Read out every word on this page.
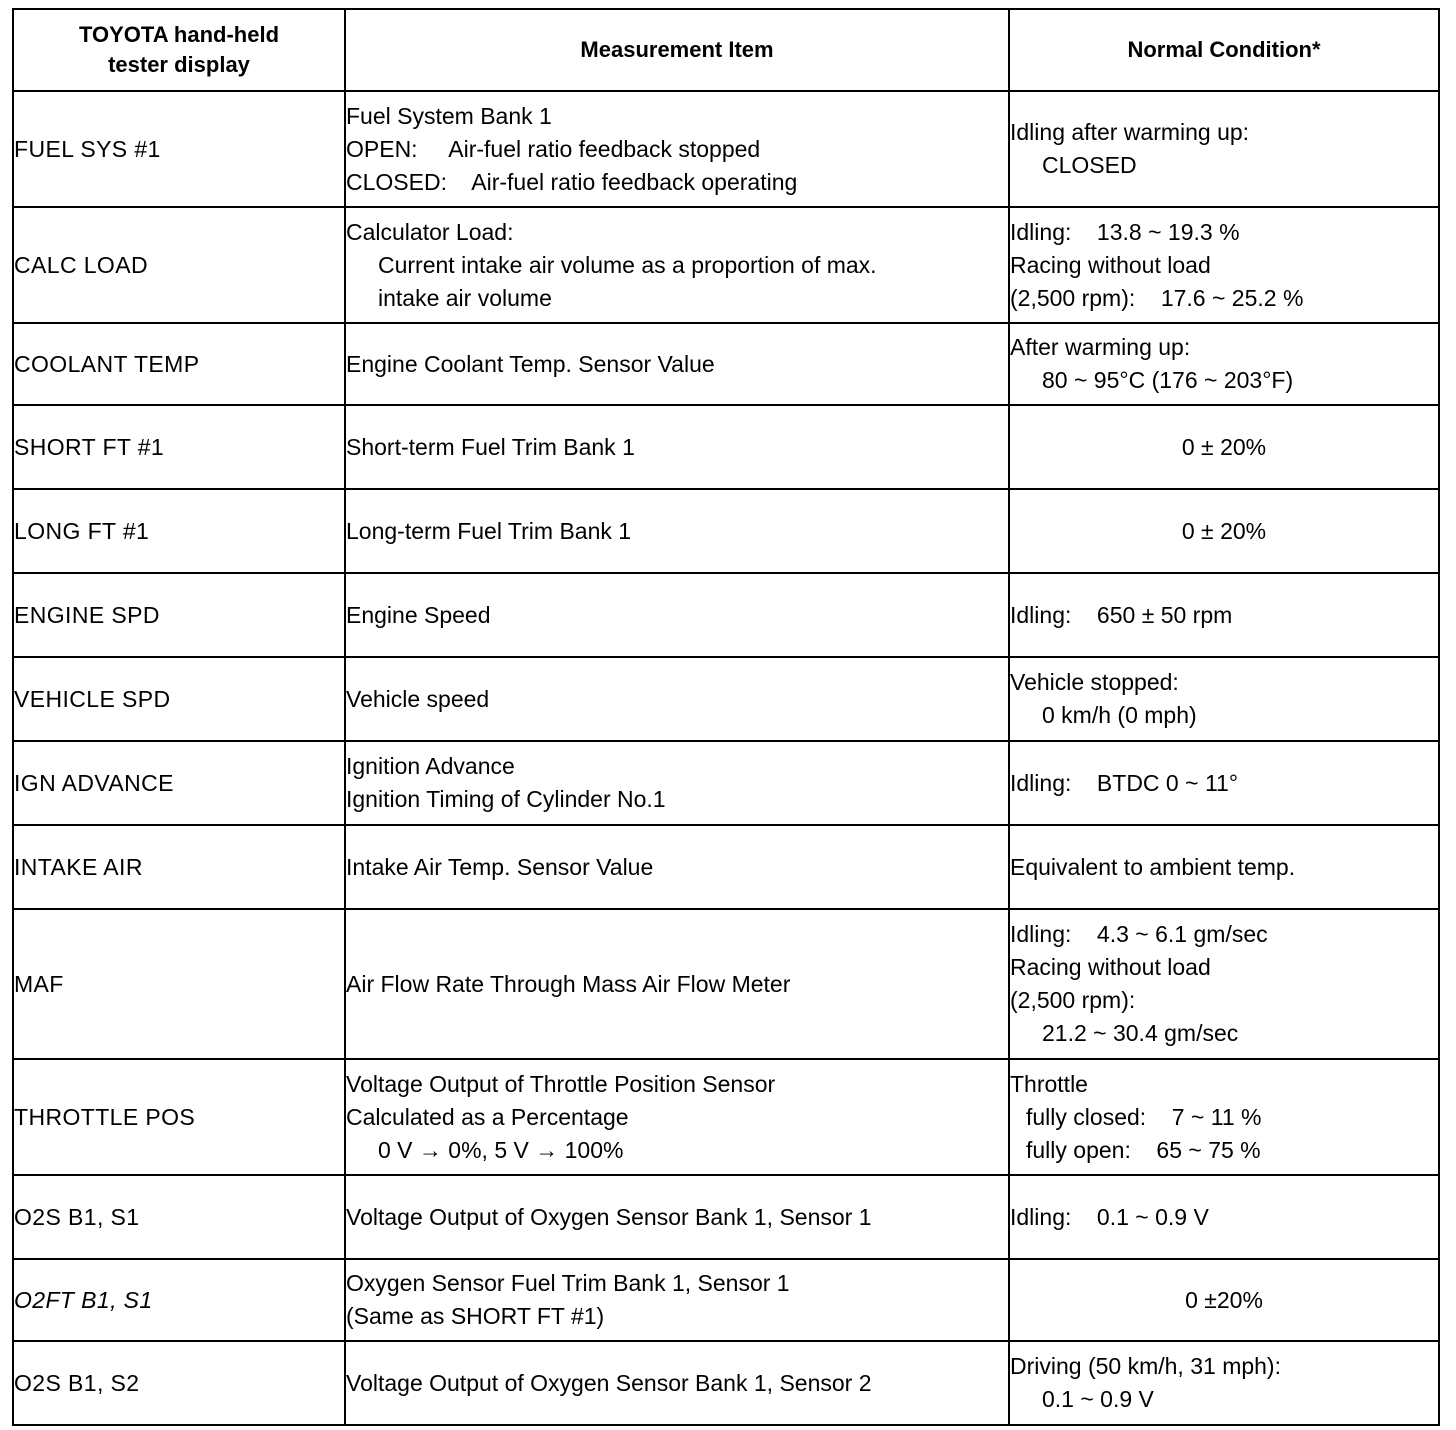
TOYOTA hand-held
tester display	Measurement Item	Normal Condition*
FUEL SYS #1	Fuel System Bank 1
OPEN:     Air-fuel ratio feedback stopped
CLOSED:    Air-fuel ratio feedback operating	Idling after warming up:
CLOSED

CALC LOAD	Calculator Load:
Current intake air volume as a proportion of max.
intake air volume	Idling:    13.8 ~ 19.3 %
Racing without load
(2,500 rpm):    17.6 ~ 25.2 %

COOLANT TEMP	Engine Coolant Temp. Sensor Value	After warming up:
80 ~ 95°C (176 ~ 203°F)

SHORT FT #1	Short-term Fuel Trim Bank 1	0 ± 20%

LONG FT #1	Long-term Fuel Trim Bank 1	0 ± 20%

ENGINE SPD	Engine Speed	Idling:    650 ± 50 rpm

VEHICLE SPD	Vehicle speed	Vehicle stopped:
0 km/h (0 mph)

IGN ADVANCE	Ignition Advance
Ignition Timing of Cylinder No.1	Idling:    BTDC 0 ~ 11°

INTAKE AIR	Intake Air Temp. Sensor Value	Equivalent to ambient temp.

MAF	Air Flow Rate Through Mass Air Flow Meter	Idling:    4.3 ~ 6.1 gm/sec
Racing without load
(2,500 rpm):
21.2 ~ 30.4 gm/sec

THROTTLE POS	Voltage Output of Throttle Position Sensor
Calculated as a Percentage
0 V → 0%, 5 V → 100%	Throttle
fully closed:    7 ~ 11 %
fully open:    65 ~ 75 %

O2S B1, S1	Voltage Output of Oxygen Sensor Bank 1, Sensor 1	Idling:    0.1 ~ 0.9 V

O2FT B1, S1	Oxygen Sensor Fuel Trim Bank 1, Sensor 1
(Same as SHORT FT #1)	0 ±20%

O2S B1, S2	Voltage Output of Oxygen Sensor Bank 1, Sensor 2	Driving (50 km/h, 31 mph):
0.1 ~ 0.9 V
